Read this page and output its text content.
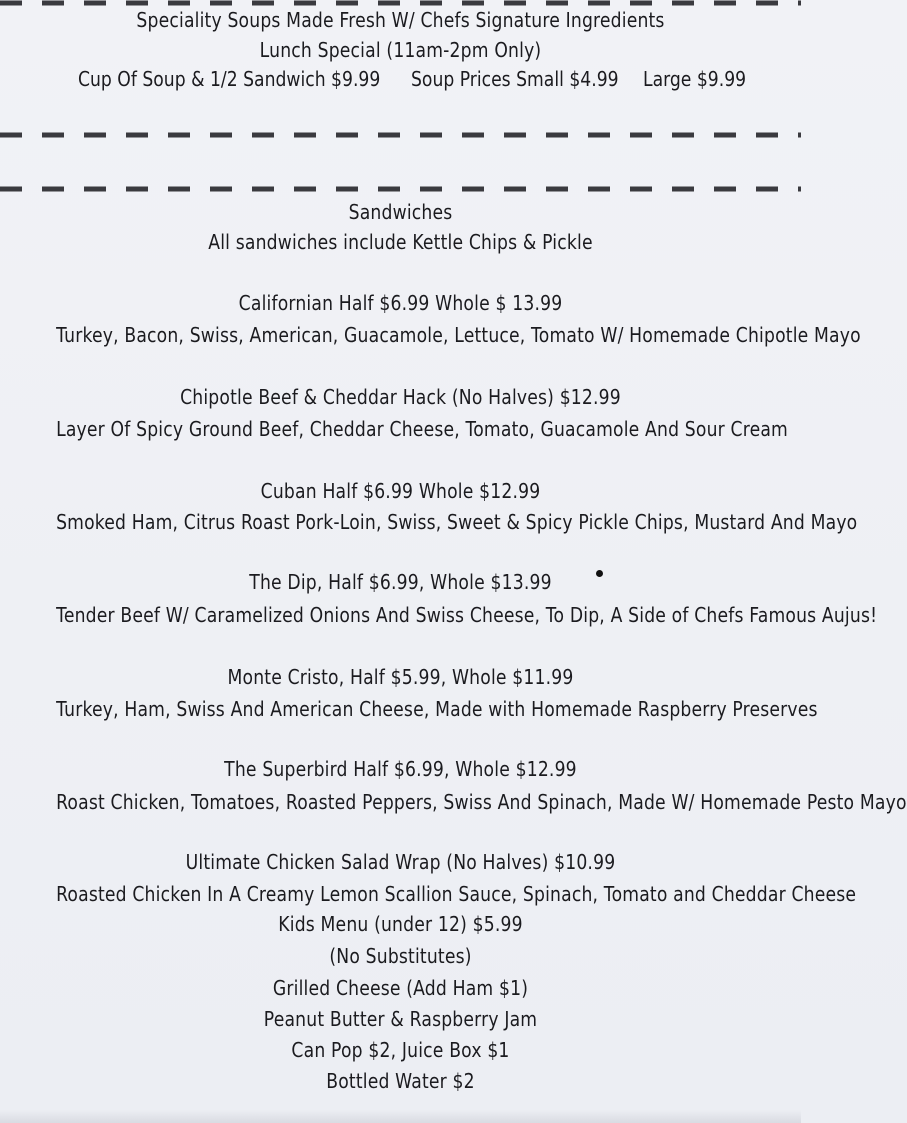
Speciality Soups Made Fresh W/ Chefs Signature Ingredients
Lunch Special (11am-2pm Only)
Cup Of Soup & 1/2 Sandwich $9.99 Soup Prices Small $4.99 Large $9.99
Sandwiches
All sandwiches include Kettle Chips & Pickle
Californian Half $6.99 Whole $ 13.99
Turkey, Bacon, Swiss, American, Guacamole, Lettuce, Tomato W/ Homemade Chipotle Mayo
Chipotle Beef & Cheddar Hack (No Halves) $12.99
Layer Of Spicy Ground Beef, Cheddar Cheese, Tomato, Guacamole And Sour Cream
Cuban Half $6.99 Whole $12.99
Smoked Ham, Citrus Roast Pork-Loin, Swiss, Sweet & Spicy Pickle Chips, Mustard And Mayo
The Dip, Half $6.99, Whole $13.99
Tender Beef W/ Caramelized Onions And Swiss Cheese, To Dip, A Side of Chefs Famous Aujus!
Monte Cristo, Half $5.99, Whole $11.99
Turkey, Ham, Swiss And American Cheese, Made with Homemade Raspberry Preserves
The Superbird Half $6.99, Whole $12.99
Roast Chicken, Tomatoes, Roasted Peppers, Swiss And Spinach, Made W/ Homemade Pesto Mayo
Ultimate Chicken Salad Wrap (No Halves) $10.99
Roasted Chicken In A Creamy Lemon Scallion Sauce, Spinach, Tomato and Cheddar Cheese
Kids Menu (under 12) $5.99
(No Substitutes)
Grilled Cheese (Add Ham $1)
Peanut Butter & Raspberry Jam
Can Pop $2, Juice Box $1
Bottled Water $2
